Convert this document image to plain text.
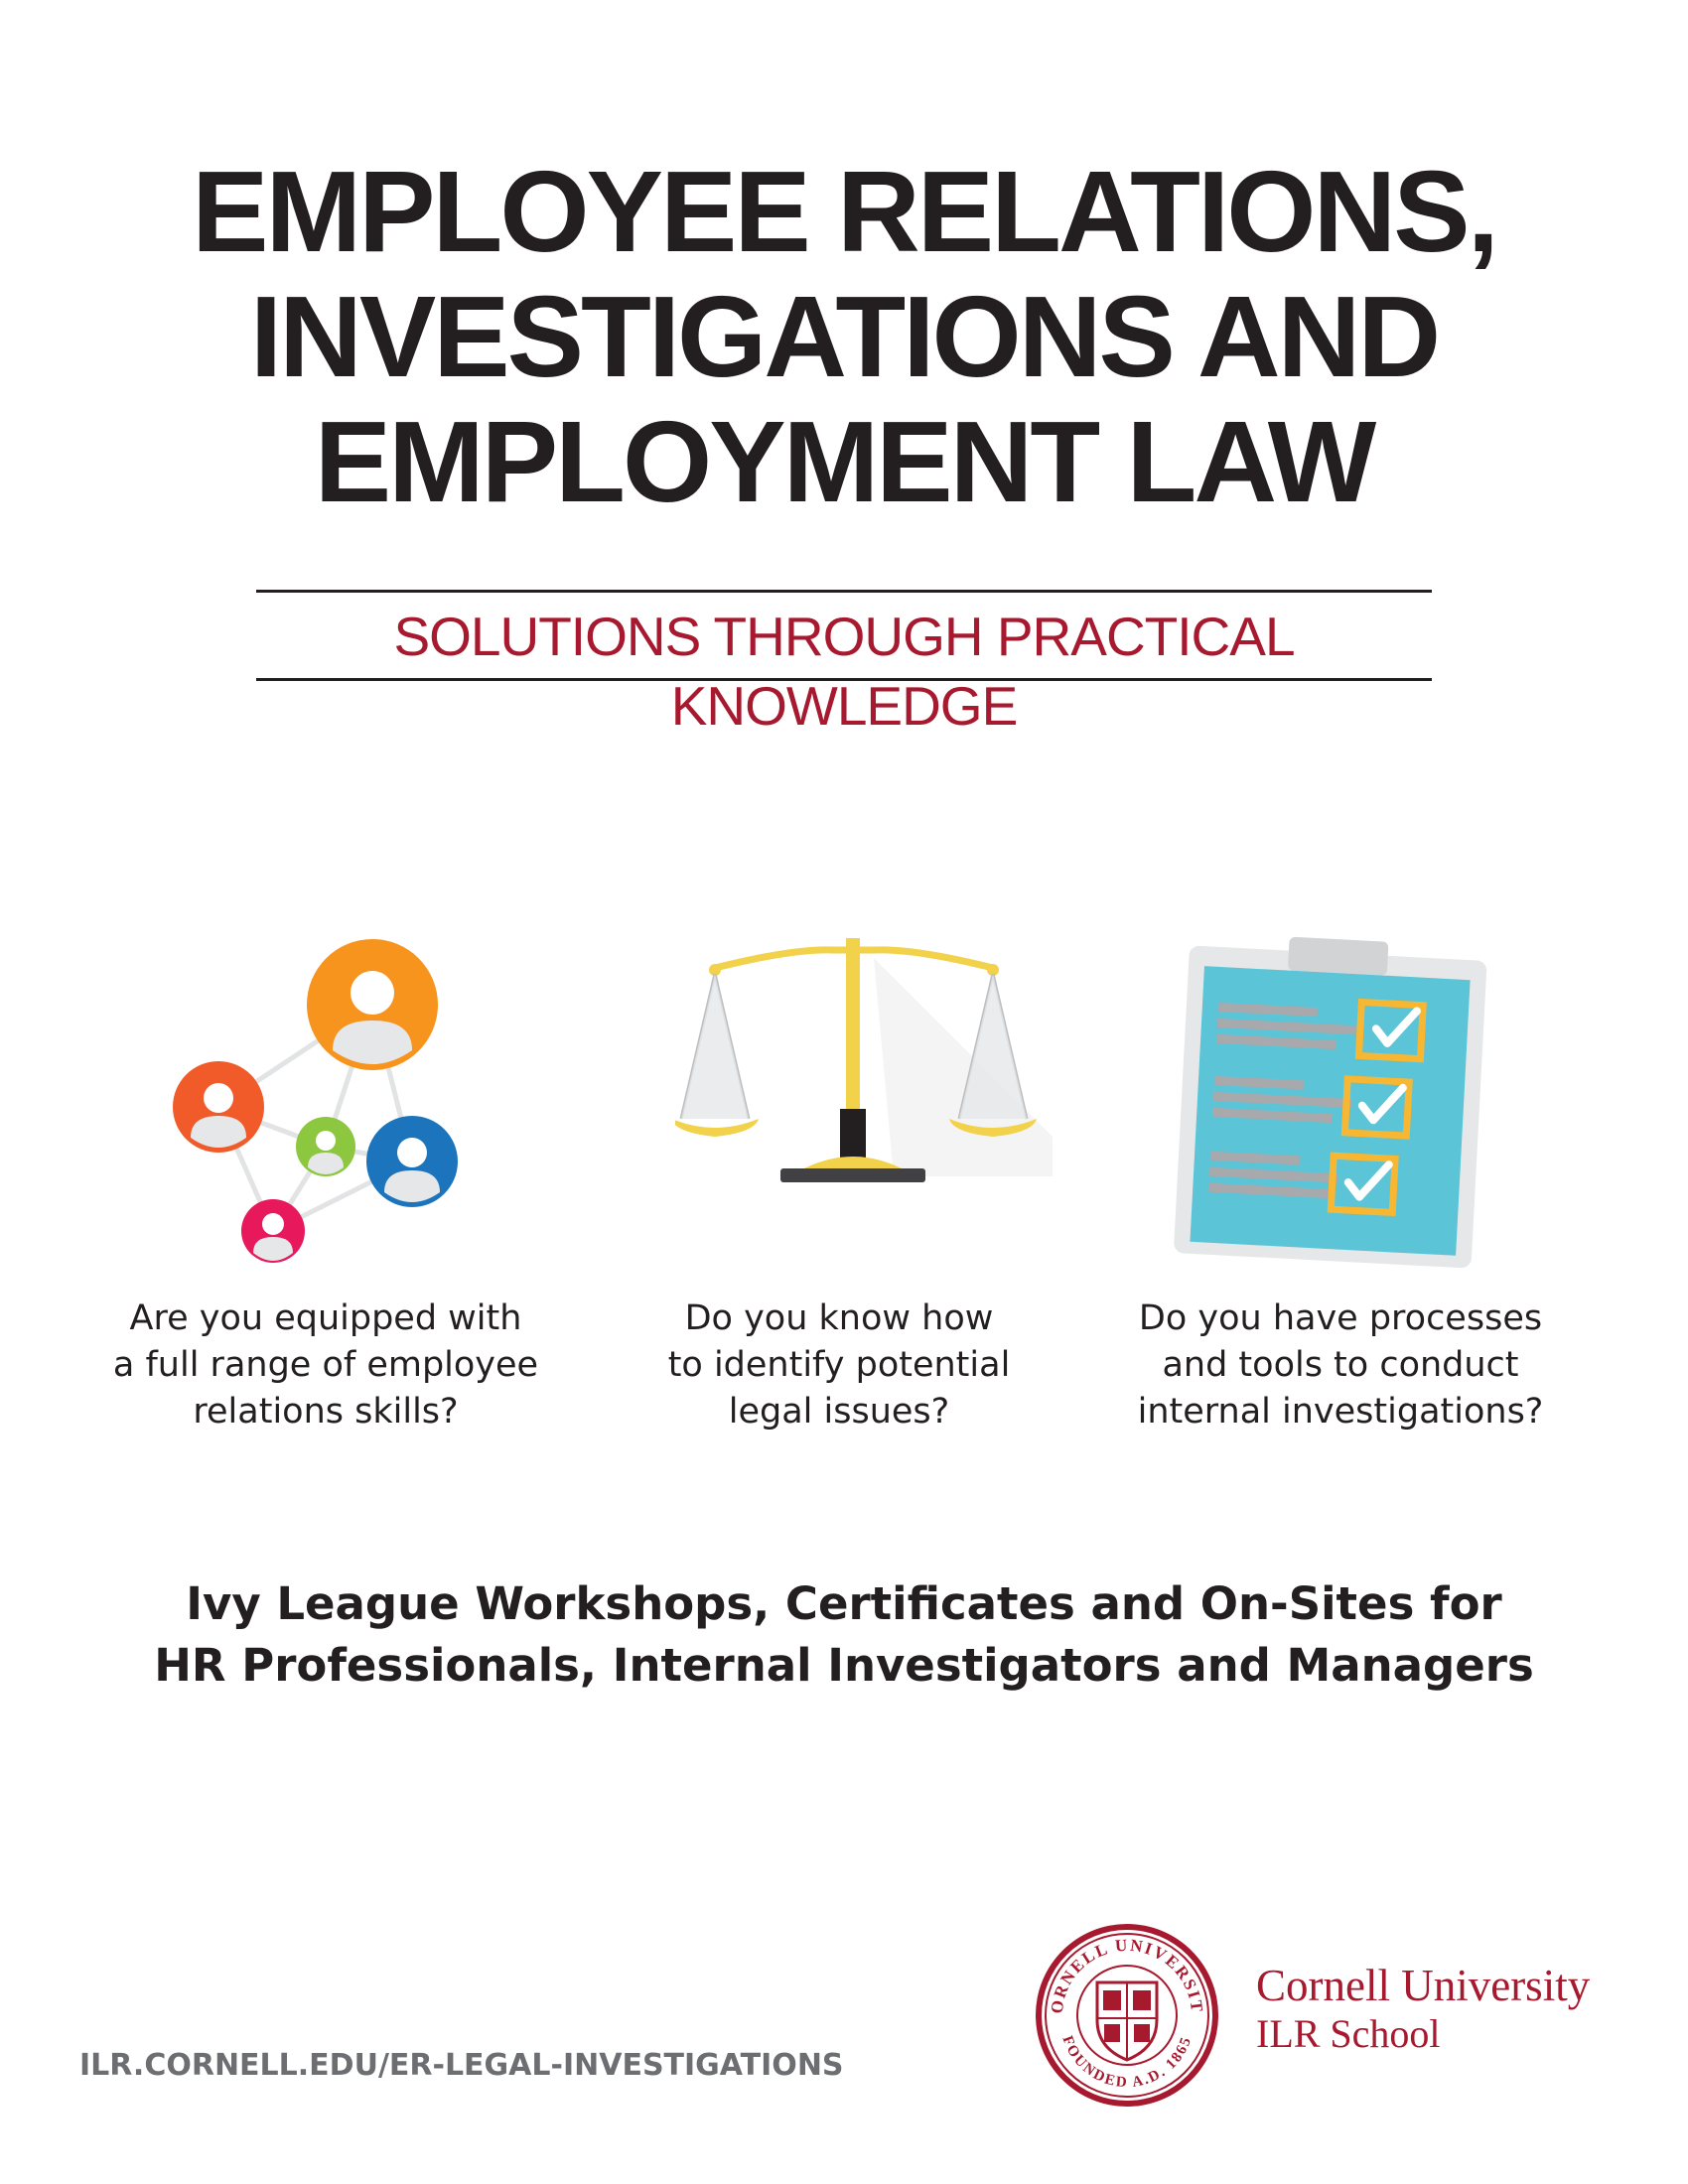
EMPLOYEE RELATIONS,
INVESTIGATIONS AND
EMPLOYMENT LAW
SOLUTIONS THROUGH PRACTICAL KNOWLEDGE
Are you equipped with
a full range of employee
relations skills?
Do you know how
to identify potential
legal issues?
Do you have processes
and tools to conduct
internal investigations?
Ivy League Workshops, Certificates and On-Sites for
HR Professionals, Internal Investigators and Managers
ILR.CORNELL.EDU/ER-LEGAL-INVESTIGATIONS
ORNELL UNIVERSIT
FOUNDED A.D. 1865
Cornell University
ILR School
